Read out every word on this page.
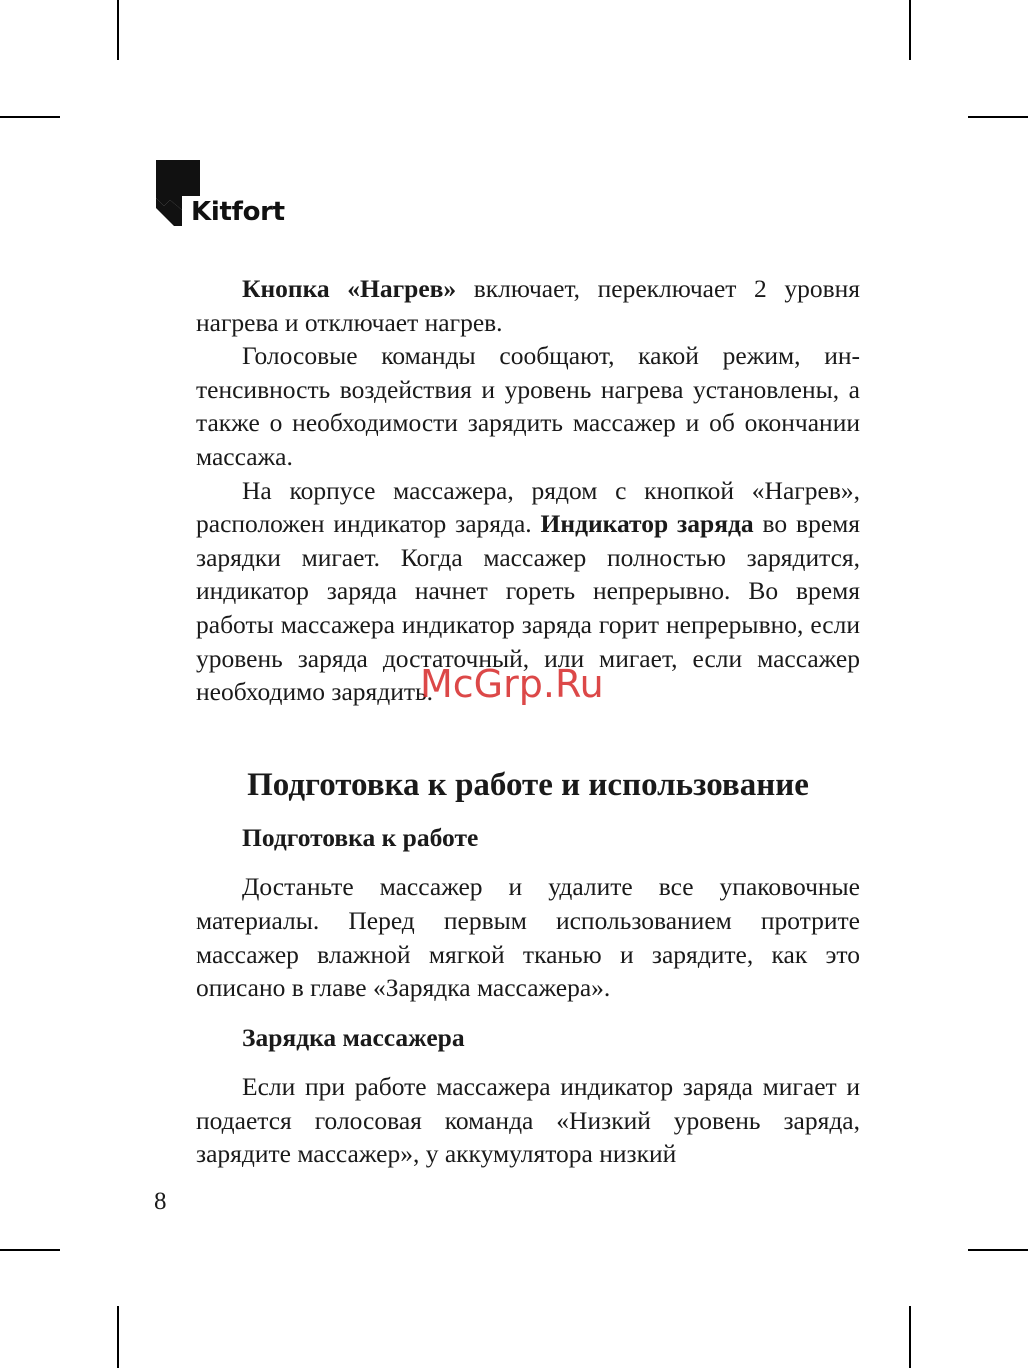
Kitfort

Кнопка «Нагрев» включает, переключает 2 уровня нагрева и отключает нагрев.

Голосовые команды сообщают, какой режим, интенсивность воздействия и уровень нагрева установлены, а также о необходимости зарядить массажер и об окончании массажа.

На корпусе массажера, рядом с кнопкой «Нагрев», расположен индикатор заряда. Индикатор заряда во время зарядки мигает. Когда массажер полностью зарядится, индикатор заряда начнет гореть непрерывно. Во время работы массажера индикатор заряда горит непрерывно, если уровень заряда достаточный, или мигает, если массажер необходимо зарядить.

Подготовка к работе и использование
Подготовка к работе

Достаньте массажер и удалите все упаковочные материалы. Перед первым использованием протрите массажер влажной мягкой тканью и зарядите, как это описано в главе «Зарядка массажера».

Зарядка массажера

Если при работе массажера индикатор заряда мигает и подается голосовая команда «Низкий уровень заряда, зарядите массажер», у аккумулятора низкий

McGrp.Ru
8
